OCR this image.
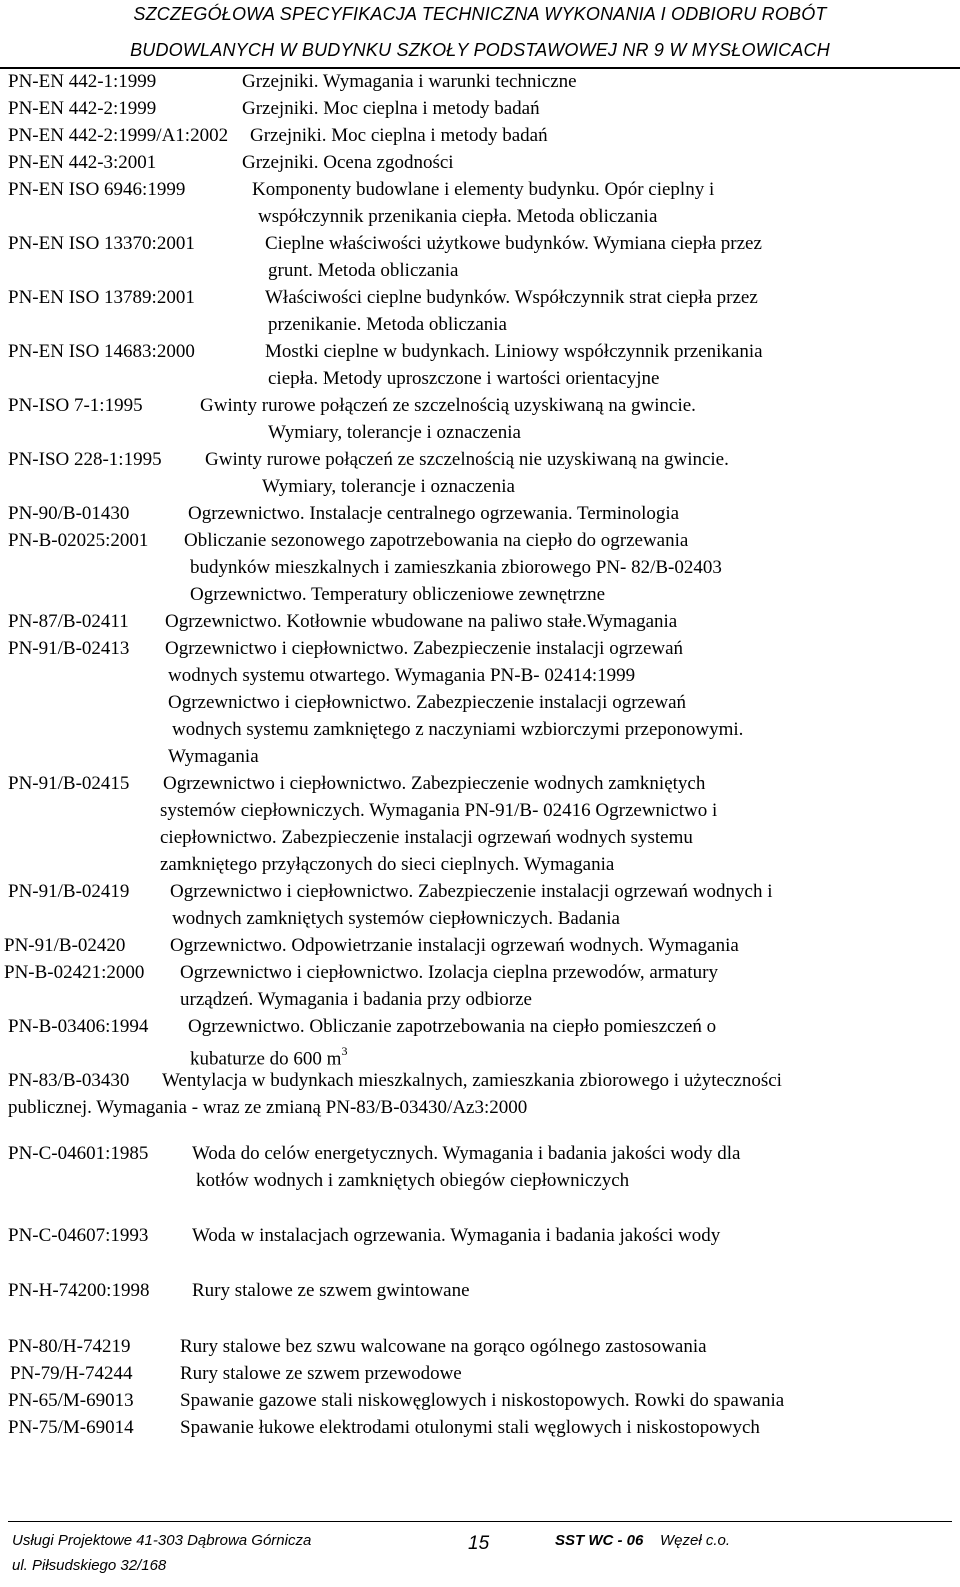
SZCZEGÓŁOWA SPECYFIKACJA TECHNICZNA WYKONANIA I ODBIORU ROBÓT
BUDOWLANYCH W BUDYNKU SZKOŁY PODSTAWOWEJ NR 9 W MYSŁOWICACH
PN-EN 442-1:1999	Grzejniki. Wymagania i warunki techniczne
PN-EN 442-2:1999	Grzejniki. Moc cieplna i metody badań
PN-EN 442-2:1999/A1:2002 Grzejniki. Moc cieplna i metody badań
PN-EN 442-3:2001	Grzejniki. Ocena zgodności
PN-EN ISO 6946:1999	Komponenty budowlane i elementy budynku. Opór cieplny i
współczynnik przenikania ciepła. Metoda obliczania
PN-EN ISO 13370:2001	Cieplne właściwości użytkowe budynków. Wymiana ciepła przez
grunt. Metoda obliczania
PN-EN ISO 13789:2001	Właściwości cieplne budynków. Współczynnik strat ciepła przez
przenikanie. Metoda obliczania
PN-EN ISO 14683:2000	Mostki cieplne w budynkach. Liniowy współczynnik przenikania
ciepła. Metody uproszczone i wartości orientacyjne
PN-ISO 7-1:1995	Gwinty rurowe połączeń ze szczelnością uzyskiwaną na gwincie.
Wymiary, tolerancje i oznaczenia
PN-ISO 228-1:1995 Gwinty rurowe połączeń ze szczelnością nie uzyskiwaną na gwincie.
Wymiary, tolerancje i oznaczenia
PN-90/B-01430	Ogrzewnictwo. Instalacje centralnego ogrzewania. Terminologia
PN-B-02025:2001 Obliczanie sezonowego zapotrzebowania na ciepło do ogrzewania
budynków mieszkalnych i zamieszkania zbiorowego PN- 82/B-02403
Ogrzewnictwo. Temperatury obliczeniowe zewnętrzne
PN-87/B-02411 Ogrzewnictwo. Kotłownie wbudowane na paliwo stałe.Wymagania
PN-91/B-02413 Ogrzewnictwo i ciepłownictwo. Zabezpieczenie instalacji ogrzewań
wodnych systemu otwartego. Wymagania PN-B- 02414:1999
Ogrzewnictwo i ciepłownictwo. Zabezpieczenie instalacji ogrzewań
wodnych systemu zamkniętego z naczyniami wzbiorczymi przeponowymi.
Wymagania
PN-91/B-02415 Ogrzewnictwo i ciepłownictwo. Zabezpieczenie wodnych zamkniętych
systemów ciepłowniczych. Wymagania PN-91/B- 02416 Ogrzewnictwo i
ciepłownictwo. Zabezpieczenie instalacji ogrzewań wodnych systemu
zamkniętego przyłączonych do sieci cieplnych. Wymagania
PN-91/B-02419 Ogrzewnictwo i ciepłownictwo. Zabezpieczenie instalacji ogrzewań wodnych i
wodnych zamkniętych systemów ciepłowniczych. Badania
PN-91/B-02420 Ogrzewnictwo. Odpowietrzanie instalacji ogrzewań wodnych. Wymagania
PN-B-02421:2000 Ogrzewnictwo i ciepłownictwo. Izolacja cieplna przewodów, armatury
urządzeń. Wymagania i badania przy odbiorze
PN-B-03406:1994 Ogrzewnictwo. Obliczanie zapotrzebowania na ciepło pomieszczeń o
kubaturze do 600 $m^3$
PN-83/B-03430 Wentylacja w budynkach mieszkalnych, zamieszkania zbiorowego i użyteczności
publicznej. Wymagania - wraz ze zmianą PN-83/B-03430/Az3:2000
PN-C-04601:1985 Woda do celów energetycznych. Wymagania i badania jakości wody dla
kotłów wodnych i zamkniętych obiegów ciepłowniczych
PN-C-04607:1993 Woda w instalacjach ogrzewania. Wymagania i badania jakości wody
PN-H-74200:1998 Rury stalowe ze szwem gwintowane
PN-80/H-74219	Rury stalowe bez szwu walcowane na gorąco ogólnego zastosowania
PN-79/H-74244	Rury stalowe ze szwem przewodowe
PN-65/M-69013 Spawanie gazowe stali niskowęglowych i niskostopowych. Rowki do spawania
PN-75/M-69014 Spawanie łukowe elektrodami otulonymi stali węglowych i niskostopowych
Usługi Projektowe 41-303 Dąbrowa Górnicza
ul. Piłsudskiego 32/168
15	SST WC - 06 Węzeł c.o.
